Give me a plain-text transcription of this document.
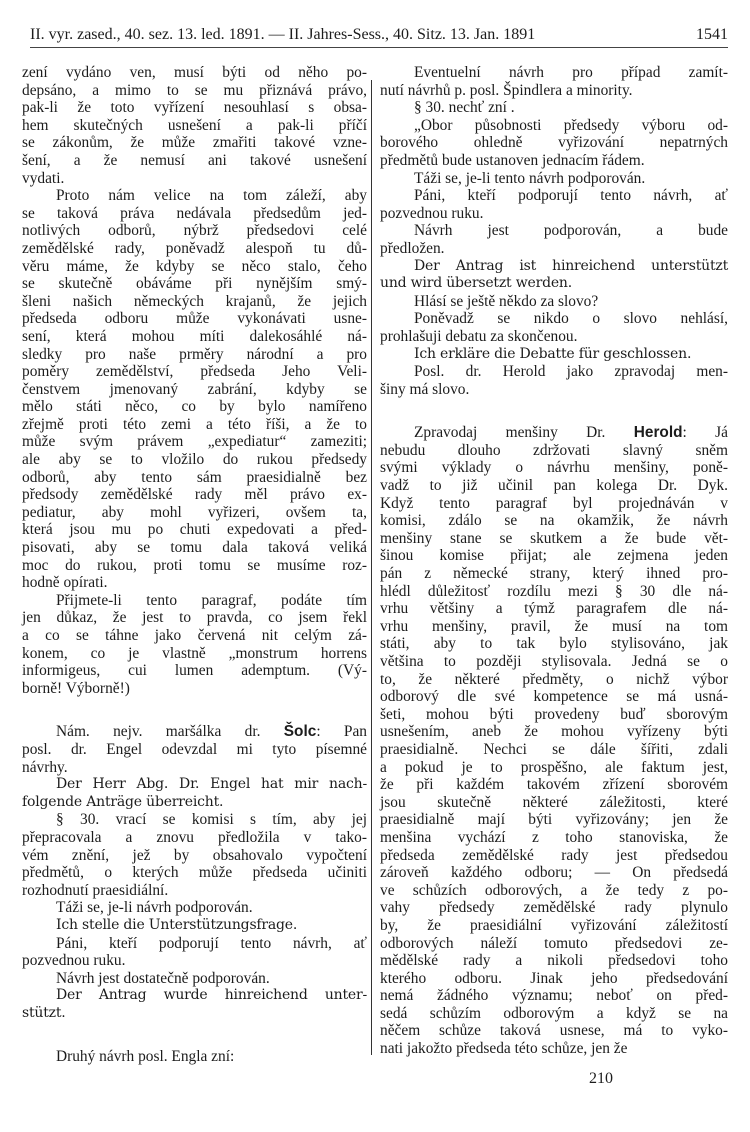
II. vyr. zased., 40. sez. 13. led. 1891. — II. Jahres-Sess., 40. Sitz. 13. Jan. 1891	1541
zení vydáno ven, musí býti od něho po-
depsáno, a mimo to se mu přiznává právo,
pak-li že toto vyřízení nesouhlasí s obsa-
hem skutečných usnešení a pak-li příčí
se zákonům, že může zmařiti takové vzne-
šení, a že nemusí ani takové usnešení
vydati.
Proto nám velice na tom záleží, aby
se taková práva nedávala předsedům jed-
notlivých odborů, nýbrž předsedovi celé
zemědělské rady, poněvadž alespoň tu dů-
věru máme, že kdyby se něco stalo, čeho
se skutečně obáváme při nynějším smý-
šleni našich německých krajanů, že jejich
předseda odboru může vykonávati usne-
sení, která mohou míti dalekosáhlé ná-
sledky pro naše prměry národní a pro
poměry zemědělství, předseda Jeho Veli-
čenstvem jmenovaný zabrání, kdyby se
mělo státi něco, co by bylo namířeno
zřejmě proti této zemi a této říši, a že to
může svým právem „expediatur“ zameziti;
ale aby se to vložilo do rukou předsedy
odborů, aby tento sám praesidialně bez
předsody zemědělské rady měl právo ex-
pediatur, aby mohl vyřizeri, ovšem ta,
která jsou mu po chuti expedovati a před-
pisovati, aby se tomu dala taková veliká
moc do rukou, proti tomu se musíme roz-
hodně opírati.
Přijmete-li tento paragraf, podáte tím
jen důkaz, že jest to pravda, co jsem řekl
a co se táhne jako červená nit celým zá-
konem, co je vlastně „monstrum horrens
informigeus, cui lumen ademptum. (Vý-
borně! Výborně!)
Nám. nejv. maršálka dr. Šolc: Pan
posl. dr. Engel odevzdal mi tyto písemné
návrhy.
Der Herr Abg. Dr. Engel hat mir nach-
folgende Anträge überreicht.
§ 30. vrací se komisi s tím, aby jej
přepracovala a znovu předložila v tako-
vém znění, jež by obsahovalo vypočtení
předmětů, o kterých může předseda učiniti
rozhodnutí praesidiální.
Táži se, je-li návrh podporován.
Ich stelle die Unterstützungsfrage.
Páni, kteří podporují tento návrh, ať
pozvednou ruku.
Návrh jest dostatečně podporován.
Der Antrag wurde hinreichend unter-
stützt.
Druhý návrh posl. Engla zní:
Eventuelní návrh pro případ zamít-
nutí návrhů p. posl. Špindlera a minority.
§ 30. nechť zní .
„Obor působnosti předsedy výboru od-
borového ohledně vyřizování nepatrných
předmětů bude ustanoven jednacím řádem.
Táži se, je-li tento návrh podporován.
Páni, kteří podporují tento návrh, ať
pozvednou ruku.
Návrh jest podporován, a bude
předložen.
Der Antrag ist hinreichend unterstützt
und wird übersetzt werden.
Hlásí se ještě někdo za slovo?
Poněvadž se nikdo o slovo nehlásí,
prohlašuji debatu za skončenou.
Ich erkläre die Debatte für geschlossen.
Posl. dr. Herold jako zpravodaj men-
šiny má slovo.
Zpravodaj menšiny Dr. Herold: Já
nebudu dlouho zdržovati slavný sněm
svými výklady o návrhu menšiny, poně-
vadž to již učinil pan kolega Dr. Dyk.
Když tento paragraf byl projednáván v
komisi, zdálo se na okamžik, že návrh
menšiny stane se skutkem a že bude vět-
šinou komise přijat; ale zejmena jeden
pán z německé strany, který ihned pro-
hlédl důležitosť rozdílu mezi § 30 dle ná-
vrhu většiny a týmž paragrafem dle ná-
vrhu menšiny, pravil, že musí na tom
státi, aby to tak bylo stylisováno, jak
většina to později stylisovala. Jedná se o
to, že některé předměty, o nichž výbor
odborový dle své kompetence se má usná-
šeti, mohou býti provedeny buď sborovým
usnešením, aneb že mohou vyřízeny býti
praesidialně. Nechci se dále šířiti, zdali
a pokud je to prospěšno, ale faktum jest,
že při každém takovém zřízení sborovém
jsou skutečně některé záležitosti, které
praesidialně mají býti vyřizovány; jen že
menšina vychází z toho stanoviska, že
předseda zemědělské rady jest předsedou
zároveň každého odboru; — On předsedá
ve schůzích odborových, a že tedy z po-
vahy předsedy zemědělské rady plynulo
by, že praesidiální vyřizování záležitostí
odborových náleží tomuto předsedovi ze-
mědělské rady a nikoli předsedovi toho
kterého odboru. Jinak jeho předsedování
nemá žádného významu; neboť on před-
sedá schůzím odborovým a když se na
něčem schůze taková usnese, má to vyko-
nati jakožto předseda této schůze, jen že
210
